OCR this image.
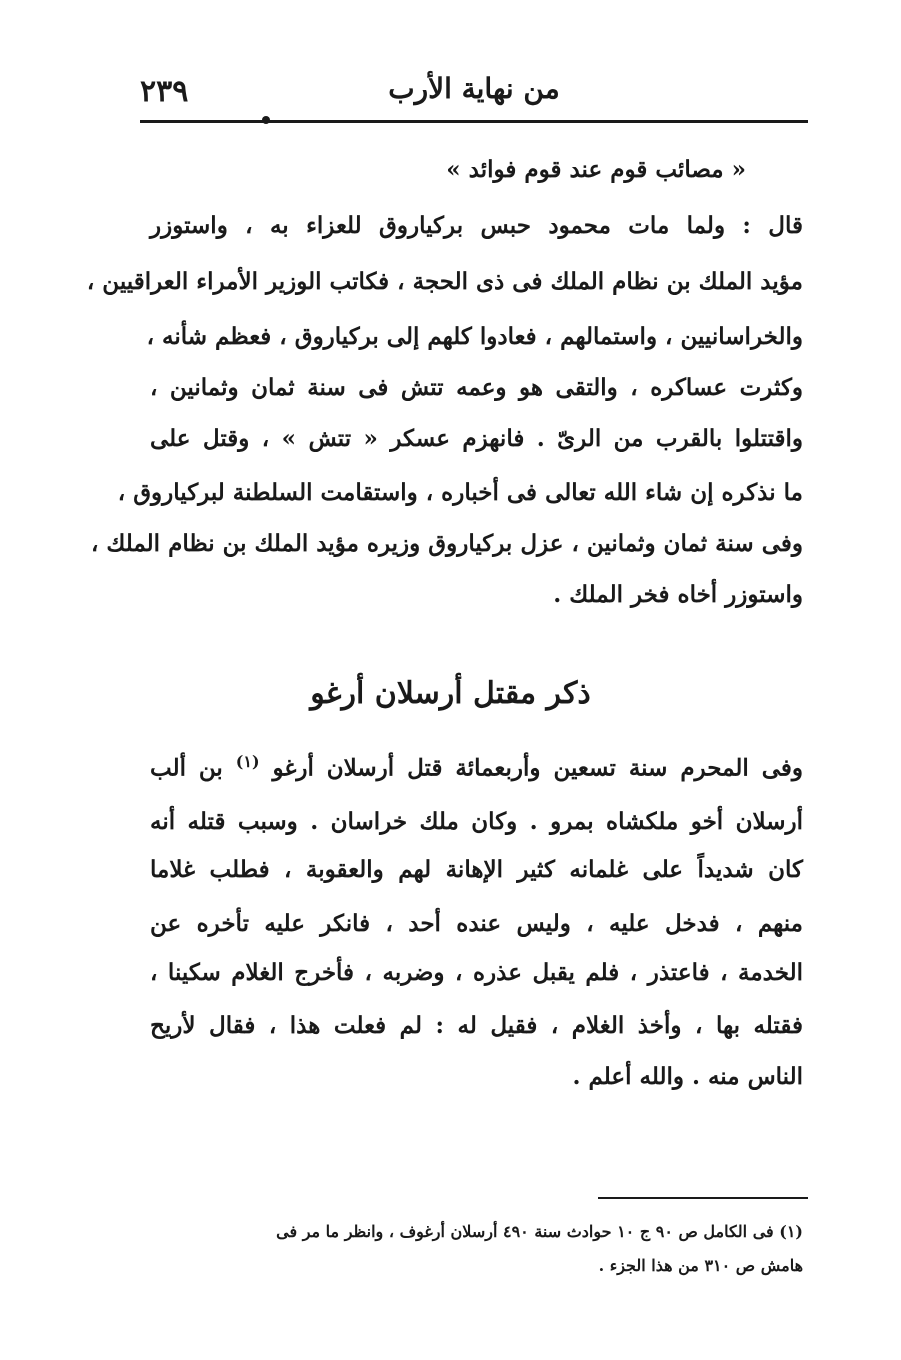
٢٣٩	من نهاية الأرب
« مصائب قوم عند قوم فوائد »
قال : ولما مات محمود حبس بركياروق للعزاء به ، واستوزر
مؤيد الملك بن نظام الملك فى ذى الحجة ، فكاتب الوزير الأمراء العراقيين ،
والخراسانيين ، واستمالهم ، فعادوا كلهم إلى بركياروق ، فعظم شأنه ،
وكثرت عساكره ، والتقى هو وعمه تتش فى سنة ثمان وثمانين ،
واقتتلوا بالقرب من الرىّ . فانهزم عسكر « تتش » ، وقتل على
ما نذكره إن شاء الله تعالى فى أخباره ، واستقامت السلطنة لبركياروق ،
وفى سنة ثمان وثمانين ، عزل بركياروق وزيره مؤيد الملك بن نظام الملك ،
واستوزر أخاه فخر الملك .
ذكر مقتل أرسلان أرغو
وفى المحرم سنة تسعين وأربعمائة قتل أرسلان أرغو $^{(١)}$ بن ألب
أرسلان أخو ملكشاه بمرو . وكان ملك خراسان . وسبب قتله أنه
كان شديداً على غلمانه كثير الإهانة لهم والعقوبة ، فطلب غلاما
منهم ، فدخل عليه ، وليس عنده أحد ، فانكر عليه تأخره عن
الخدمة ، فاعتذر ، فلم يقبل عذره ، وضربه ، فأخرج الغلام سكينا ،
فقتله بها ، وأخذ الغلام ، فقيل له : لم فعلت هذا ، فقال لأريح
الناس منه . والله أعلم .
(١) فى الكامل ص ٩٠ ج ١٠ حوادث سنة ٤٩٠ أرسلان أرغوف ، وانظر ما مر فى
هامش ص ٣١٠ من هذا الجزء .
